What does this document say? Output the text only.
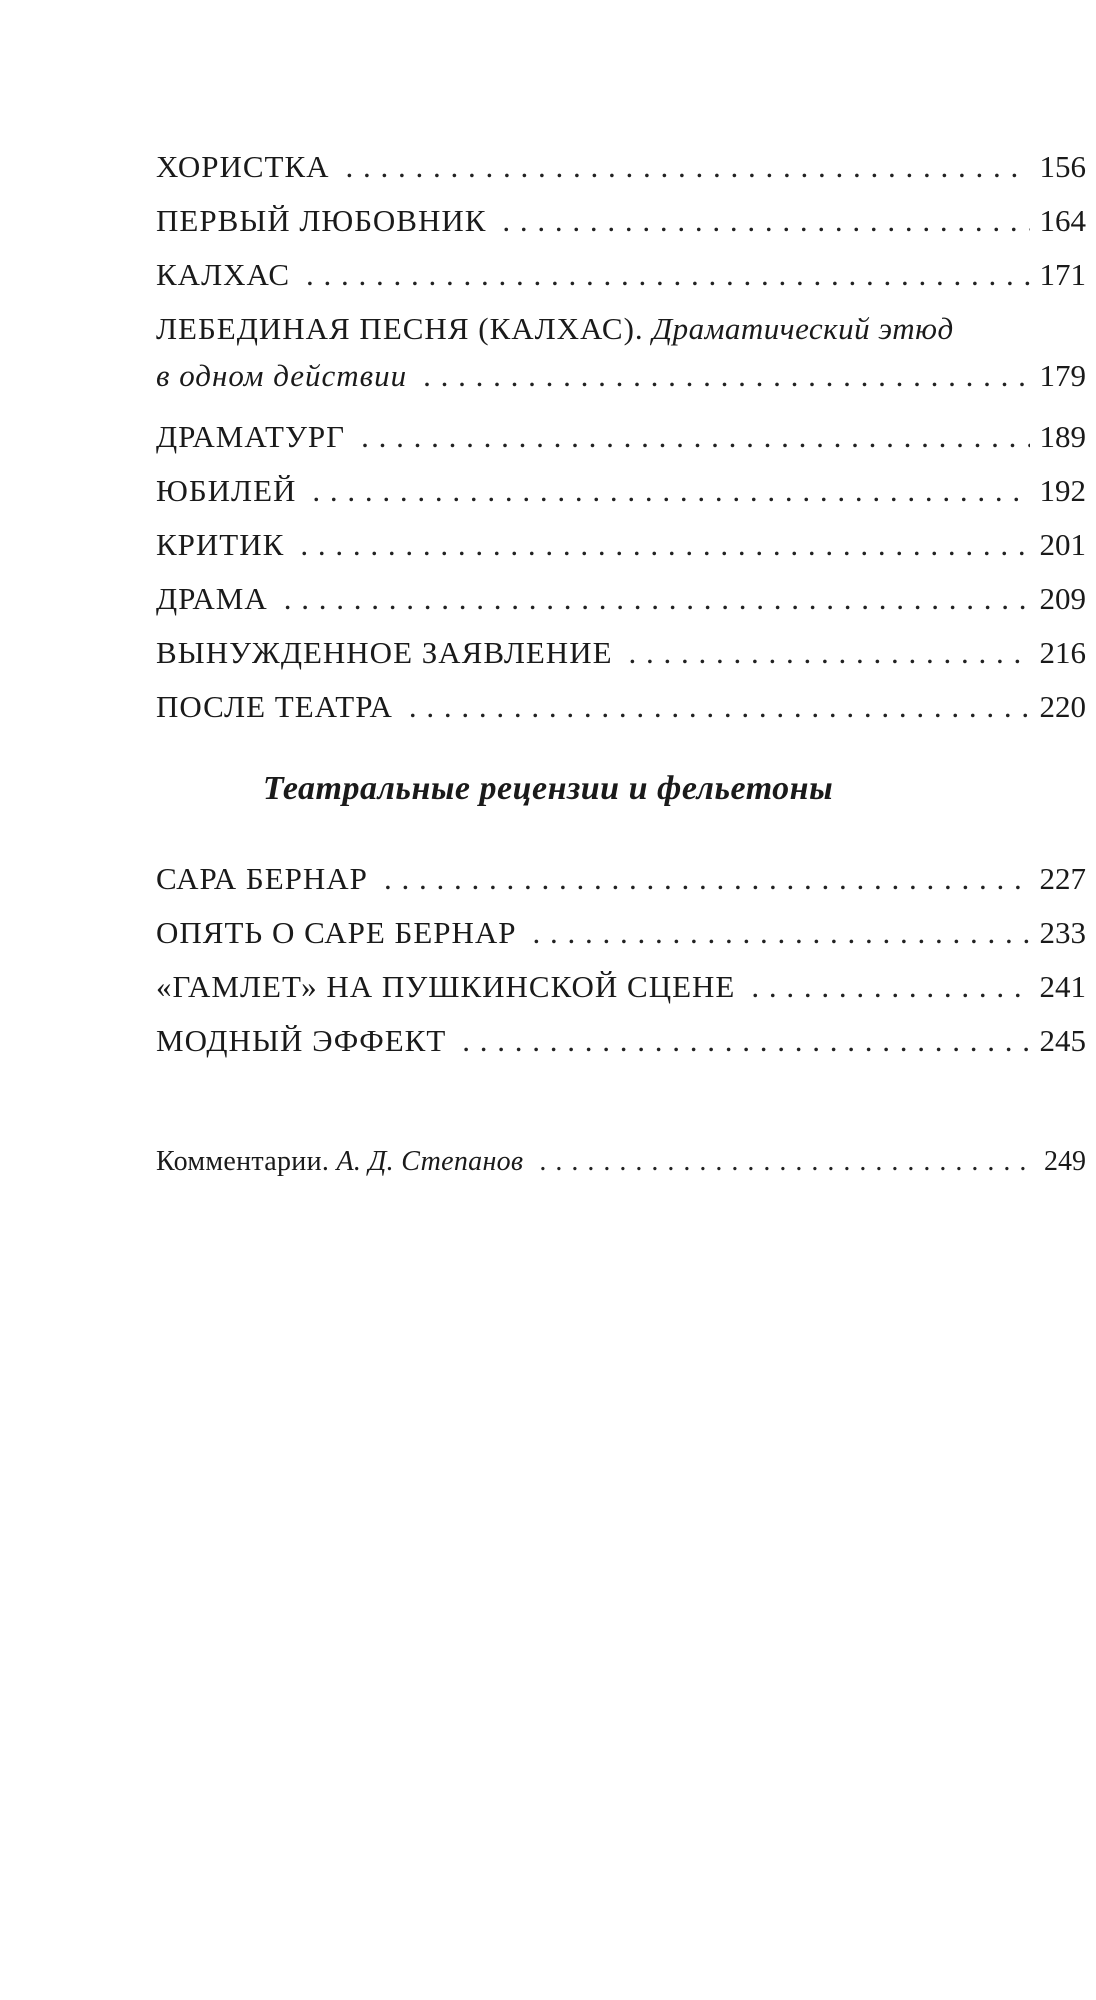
ХОРИСТКА . . .	156
ПЕРВЫЙ ЛЮБОВНИК . . .	164
КАЛХАС . . .	171
ЛЕБЕДИНАЯ ПЕСНЯ (КАЛХАС). Драматический этюд
в одном действии . . .	179
ДРАМАТУРГ . . .	189
ЮБИЛЕЙ . . .	192
КРИТИК . . .	201
ДРАМА . . .	209
ВЫНУЖДЕННОЕ ЗАЯВЛЕНИЕ . . .	216
ПОСЛЕ ТЕАТРА . . .	220
Театральные рецензии и фельетоны
САРА БЕРНАР . . .	227
ОПЯТЬ О САРЕ БЕРНАР . . .	233
«ГАМЛЕТ» НА ПУШКИНСКОЙ СЦЕНЕ . . .	241
МОДНЫЙ ЭФФЕКТ . . .	245
Комментарии. А. Д. Степанов . . .	249
